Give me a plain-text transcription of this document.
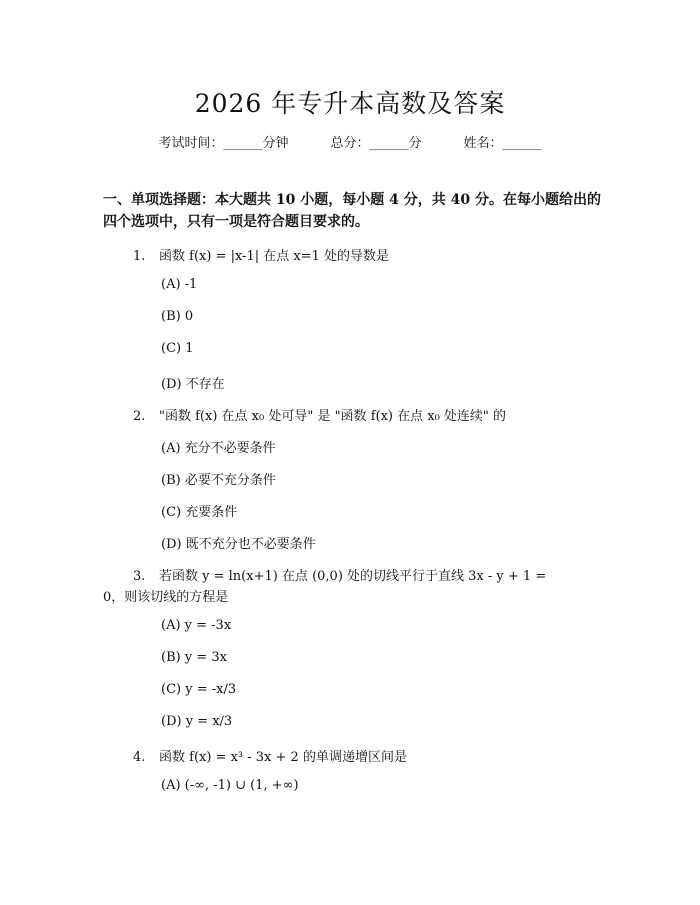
2026 年专升本高数及答案
考试时间：______分钟	总分：______分	姓名：______
一、单项选择题：本大题共 10 小题，每小题 4 分，共 40 分。在每小题给出的四个选项中，只有一项是符合题目要求的。
1. 函数 f(x) = |x-1| 在点 x=1 处的导数是
(A) -1
(B) 0
(C) 1
(D) 不存在
2. "函数 f(x) 在点 x₀ 处可导" 是 "函数 f(x) 在点 x₀ 处连续" 的
(A) 充分不必要条件
(B) 必要不充分条件
(C) 充要条件
(D) 既不充分也不必要条件
3. 若函数 y = ln(x+1) 在点 (0,0) 处的切线平行于直线 3x - y + 1 =
0，则该切线的方程是
(A) y = -3x
(B) y = 3x
(C) y = -x/3
(D) y = x/3
4. 函数 f(x) = x³ - 3x + 2 的单调递增区间是
(A) (-∞, -1) ∪ (1, +∞)
